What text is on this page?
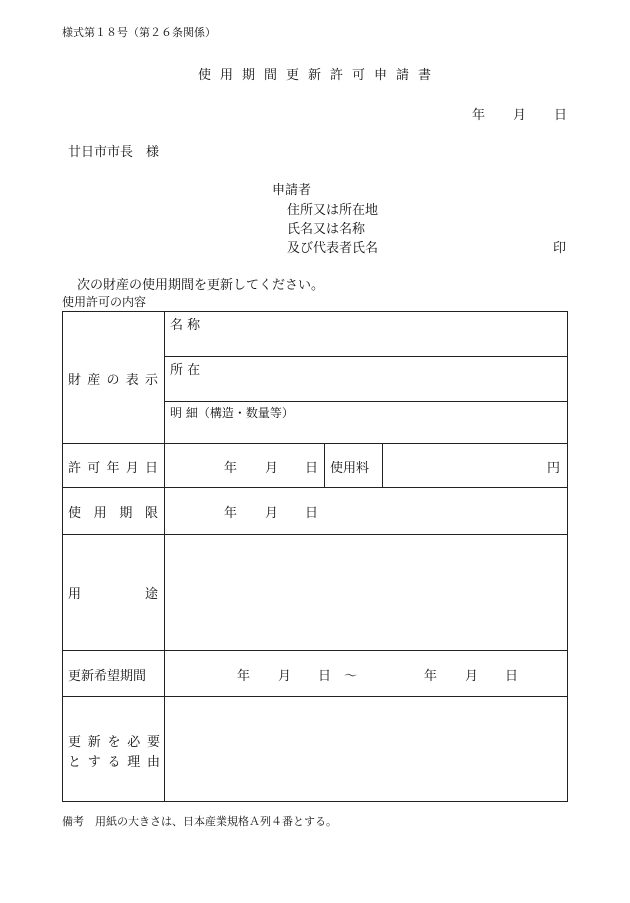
様式第１８号（第２６条関係）
使用期間更新許可申請書
年 月 日
廿日市市長　様
申請者
住所又は所在地
氏名又は名称
及び代表者氏名	印
次の財産の使用期間を更新してください。
使用許可の内容
財 産 の 表 示
名 称
所 在
明 細（構造・数量等）
許 可 年 月 日	年 月 日 使用料	円
使 用 期 限	年 月 日
用	途
更新希望期間	年 月 日 ～	年 月 日
更 新 を 必 要
と す る 理 由
備考　用紙の大きさは、日本産業規格Ａ列４番とする。
